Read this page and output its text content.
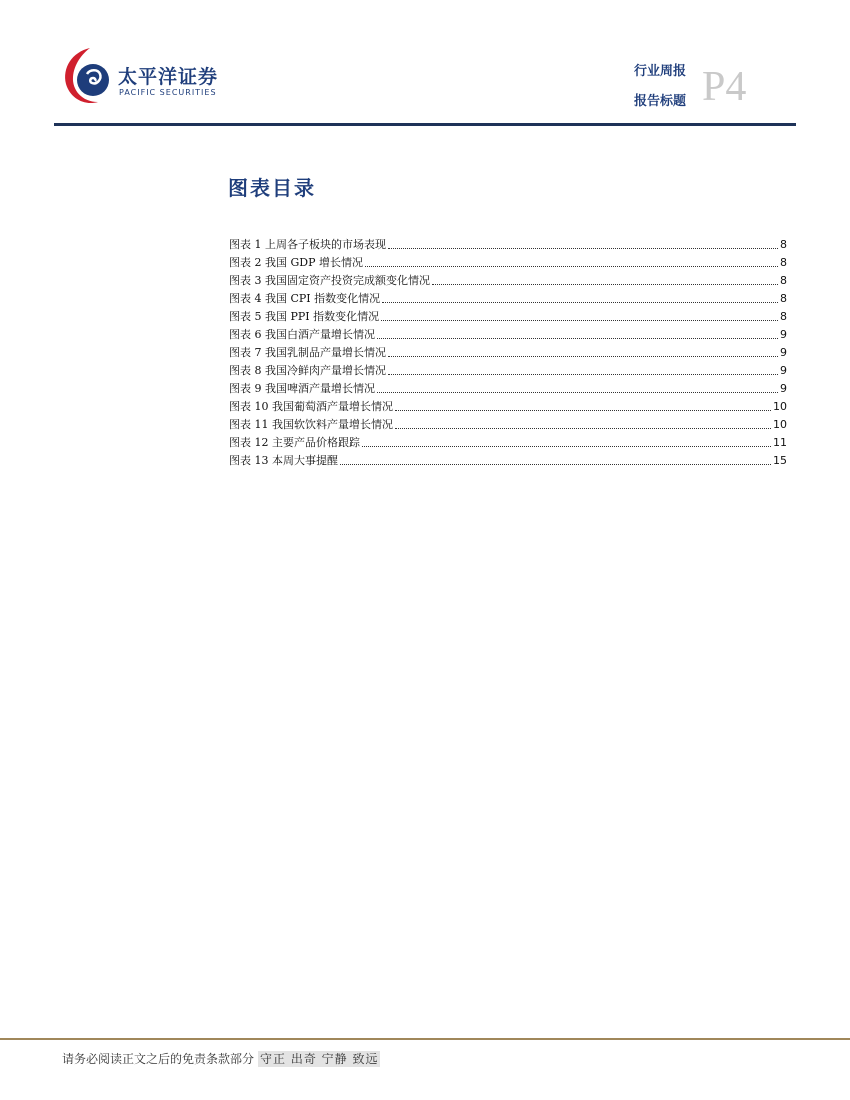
太平洋证券
PACIFIC SECURITIES
行业周报
报告标题 P4
图表目录
图表 1 上周各子板块的市场表现	8
图表 2 我国 GDP 增长情况	8
图表 3 我国固定资产投资完成额变化情况	8
图表 4 我国 CPI 指数变化情况	8
图表 5 我国 PPI 指数变化情况	8
图表 6 我国白酒产量增长情况	9
图表 7 我国乳制品产量增长情况	9
图表 8 我国冷鲜肉产量增长情况	9
图表 9 我国啤酒产量增长情况	9
图表 10 我国葡萄酒产量增长情况	10
图表 11 我国软饮料产量增长情况	10
图表 12 主要产品价格跟踪	11
图表 13 本周大事提醒	15
请务必阅读正文之后的免责条款部分 守正 出奇 宁静 致远
